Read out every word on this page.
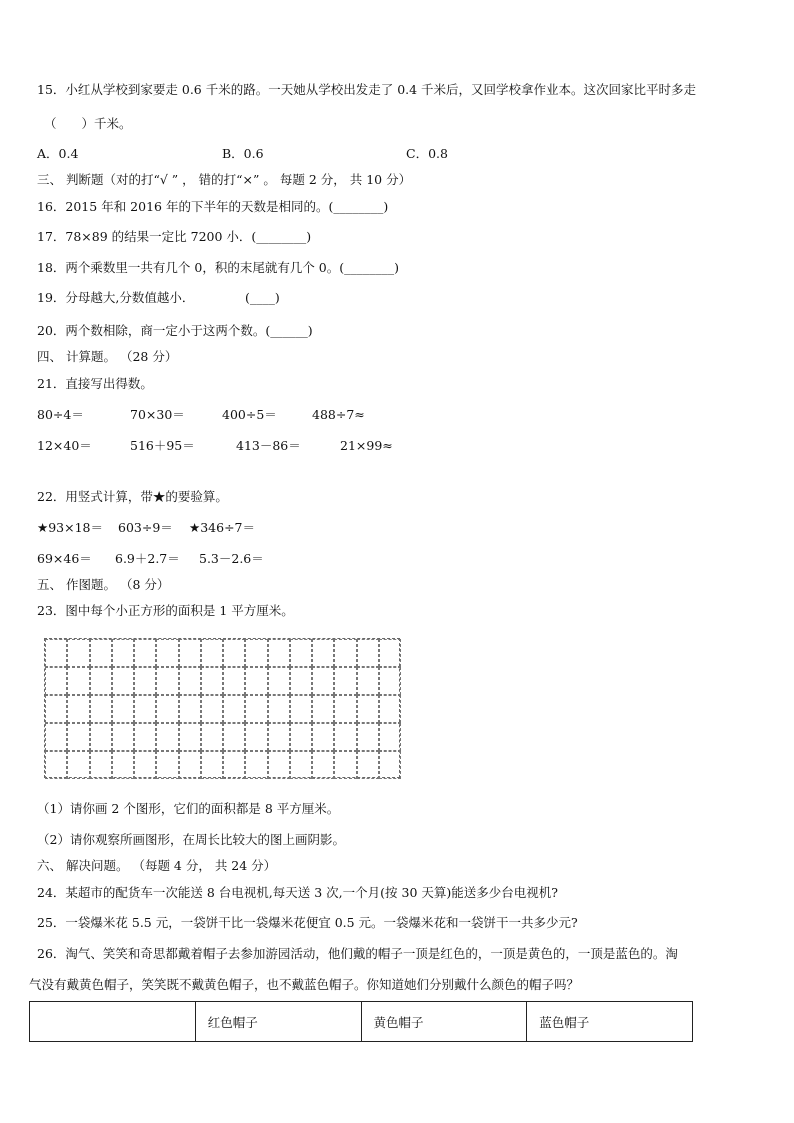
15．小红从学校到家要走 0.6 千米的路。一天她从学校出发走了 0.4 千米后，又回学校拿作业本。这次回家比平时多走
（　　）千米。
A．0.4	B．0.6	C．0.8
三、 判断题（对的打“√ ” ， 错的打“×” 。 每题 2 分， 共 10 分）
16．2015 年和 2016 年的下半年的天数是相同的。(________)
17．78×89 的结果一定比 7200 小．(________)
18．两个乘数里一共有几个 0，积的末尾就有几个 0。(________)
19．分母越大,分数值越小．	(____)
20．两个数相除，商一定小于这两个数。(______)
四、 计算题。 （28 分）
21．直接写出得数。
80÷4＝	70×30＝	400÷5＝	488÷7≈
12×40＝	516＋95＝	413－86＝	21×99≈
22．用竖式计算，带★的要验算。
★93×18＝ 603÷9＝ ★346÷7＝
69×46＝ 6.9＋2.7＝ 5.3－2.6＝
五、 作图题。 （8 分）
23．图中每个小正方形的面积是 1 平方厘米。
（1）请你画 2 个图形，它们的面积都是 8 平方厘米。
（2）请你观察所画图形，在周长比较大的图上画阴影。
六、 解决问题。 （每题 4 分， 共 24 分）
24．某超市的配货车一次能送 8 台电视机,每天送 3 次,一个月(按 30 天算)能送多少台电视机?
25．一袋爆米花 5.5 元，一袋饼干比一袋爆米花便宜 0.5 元。一袋爆米花和一袋饼干一共多少元?
26．淘气、笑笑和奇思都戴着帽子去参加游园活动，他们戴的帽子一顶是红色的，一顶是黄色的，一顶是蓝色的。淘
气没有戴黄色帽子，笑笑既不戴黄色帽子，也不戴蓝色帽子。你知道她们分别戴什么颜色的帽子吗？
	红色帽子	黄色帽子	蓝色帽子
